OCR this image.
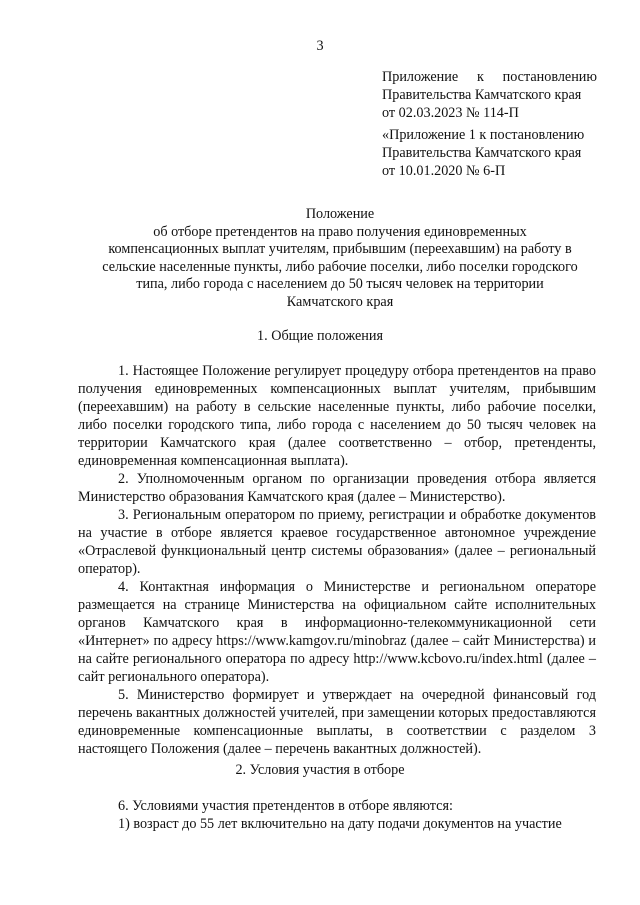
3
Приложение к постановлению
Правительства Камчатского края
от 02.03.2023 № 114-П
«Приложение 1 к постановлению
Правительства Камчатского края
от 10.01.2020 № 6-П
Положение
об отборе претендентов на право получения единовременных
компенсационных выплат учителям, прибывшим (переехавшим) на работу в
сельские населенные пункты, либо рабочие поселки, либо поселки городского
типа, либо города с населением до 50 тысяч человек на территории
Камчатского края
1. Общие положения

1. Настоящее Положение регулирует процедуру отбора претендентов на право получения единовременных компенсационных выплат учителям, прибывшим (переехавшим) на работу в сельские населенные пункты, либо рабочие поселки, либо поселки городского типа, либо города с населением до 50 тысяч человек на территории Камчатского края (далее соответственно – отбор, претенденты, единовременная компенсационная выплата).

2. Уполномоченным органом по организации проведения отбора является Министерство образования Камчатского края (далее – Министерство).

3. Региональным оператором по приему, регистрации и обработке документов на участие в отборе является краевое государственное автономное учреждение «Отраслевой функциональный центр системы образования» (далее – региональный оператор).

4. Контактная информация о Министерстве и региональном операторе размещается на странице Министерства на официальном сайте исполнительных органов Камчатского края в информационно-телекоммуникационной сети «Интернет» по адресу https://www.kamgov.ru/minobraz (далее – сайт Министерства) и на сайте регионального оператора по адресу http://www.kcbovo.ru/index.html (далее – сайт регионального оператора).

5. Министерство формирует и утверждает на очередной финансовый год перечень вакантных должностей учителей, при замещении которых предоставляются единовременные компенсационные выплаты, в соответствии с разделом 3 настоящего Положения (далее – перечень вакантных должностей).

2. Условия участия в отборе

6. Условиями участия претендентов в отборе являются:

1) возраст до 55 лет включительно на дату подачи документов на участие
